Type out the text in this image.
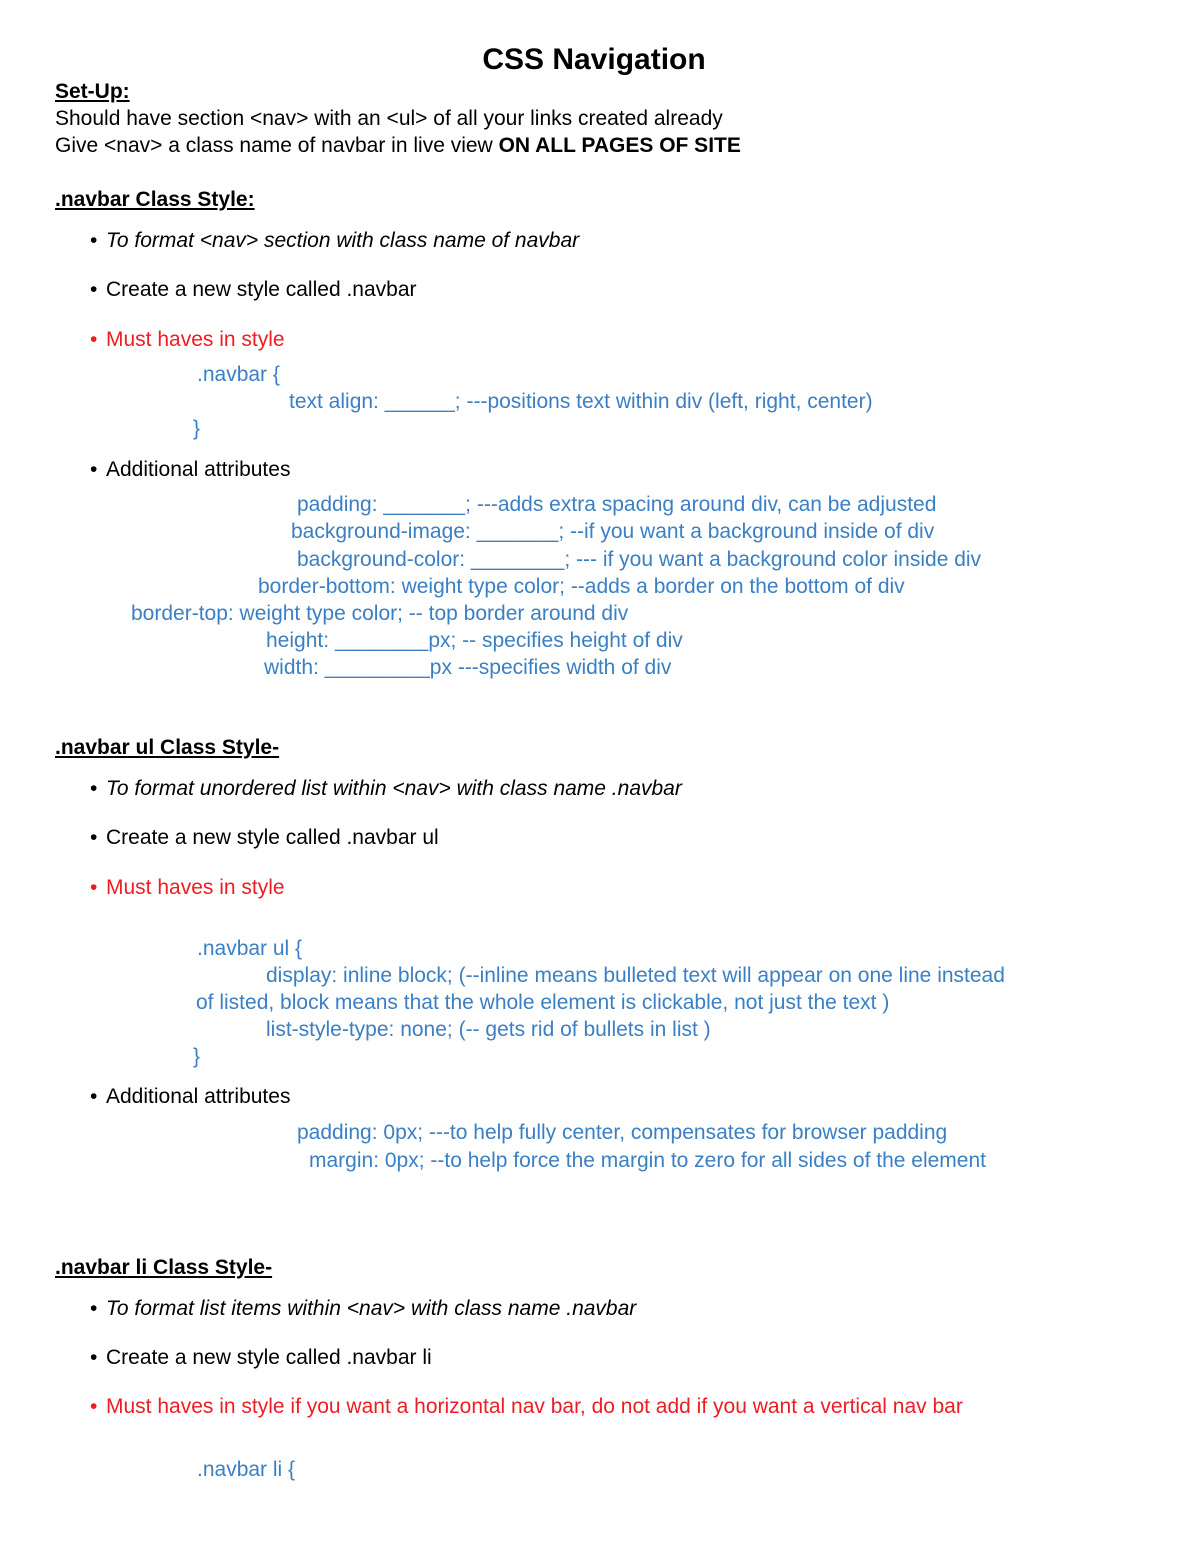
CSS Navigation
Set-Up:
Should have section <nav> with an <ul> of all your links created already
Give <nav> a class name of navbar in live view ON ALL PAGES OF SITE
.navbar Class Style:
• To format <nav> section with class name of navbar
• Create a new style called .navbar
• Must haves in style
.navbar {
text align: ______; ---positions text within div (left, right, center)
}
• Additional attributes
padding: _______; ---adds extra spacing around div, can be adjusted
background-image: _______; --if you want a background inside of div
background-color: ________; --- if you want a background color inside div
border-bottom: weight type color; --adds a border on the bottom of div
border-top: weight type color; -- top border around div
height: ________px; -- specifies height of div
width: _________px ---specifies width of div
.navbar ul Class Style-
• To format unordered list within <nav> with class name .navbar
• Create a new style called .navbar ul
• Must haves in style
.navbar ul {
display: inline block; (--inline means bulleted text will appear on one line instead
of listed, block means that the whole element is clickable, not just the text )
list-style-type: none; (-- gets rid of bullets in list )
}
• Additional attributes
padding: 0px; ---to help fully center, compensates for browser padding
margin: 0px; --to help force the margin to zero for all sides of the element
.navbar li Class Style-
• To format list items within <nav> with class name .navbar
• Create a new style called .navbar li
• Must haves in style if you want a horizontal nav bar, do not add if you want a vertical nav bar
.navbar li {
